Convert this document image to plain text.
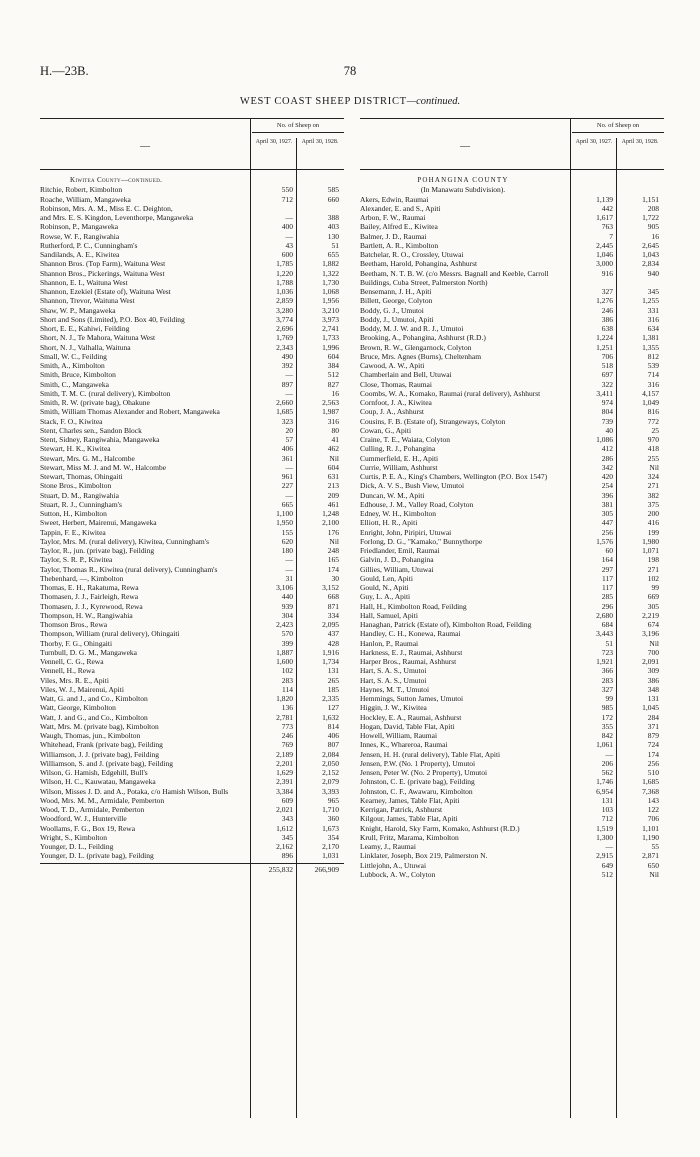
H.—23B.	78
WEST COAST SHEEP DISTRICT—continued.
—
No. of Sheep on
April 30, 1927.	April 30, 1928.
Kiwitea County—continued.
Ritchie, Robert, Kimbolton	550	585
Roache, William, Mangaweka	712	660
Robinson, Mrs. A. M., Miss E. C. Deighton,
and Mrs. E. S. Kingdon, Leventhorpe, Mangaweka	—	388
Robinson, P., Mangaweka	400	403
Rowse, W. F., Rangiwahia	—	130
Rutherford, P. C., Cunningham's	43	51
Sandilands, A. E., Kiwitea	600	655
Shannon Bros. (Top Farm), Waituna West	1,785	1,882
Shannon Bros., Pickerings, Waituna West	1,220	1,322
Shannon, E. I., Waituna West	1,788	1,730
Shannon, Ezekiel (Estate of), Waituna West	1,036	1,068
Shannon, Trevor, Waituna West	2,859	1,956
Shaw, W. P., Mangaweka	3,280	3,210
Short and Sons (Limited), P.O. Box 40, Feilding	3,774	3,973
Short, E. E., Kahiwi, Feilding	2,696	2,741
Short, N. J., Te Mahora, Waituna West	1,769	1,733
Short, N. J., Valhalla, Waituna	2,343	1,996
Small, W. C., Feilding	490	604
Smith, A., Kimbolton	392	384
Smith, Bruce, Kimbolton	—	512
Smith, C., Mangaweka	897	827
Smith, T. M. C. (rural delivery), Kimbolton	—	16
Smith, R. W. (private bag), Ohakune	2,660	2,563
Smith, William Thomas Alexander and Robert, Mangaweka	1,685	1,987
Stack, F. O., Kiwitea	323	316
Stent, Charles sen., Sandon Block	20	80
Stent, Sidney, Rangiwahia, Mangaweka	57	41
Stewart, H. K., Kiwitea	406	462
Stewart, Mrs. G. M., Halcombe	361	Nil
Stewart, Miss M. J. and M. W., Halcombe	—	604
Stewart, Thomas, Ohingaiti	961	631
Stone Bros., Kimbolton	227	213
Stuart, D. M., Rangiwahia	—	209
Stuart, R. J., Cunningham's	665	461
Sutton, H., Kimbolton	1,100	1,248
Sweet, Herbert, Mairenui, Mangaweka	1,950	2,100
Tappin, F. E., Kiwitea	155	176
Taylor, Mrs. M. (rural delivery), Kiwitea, Cunningham's	620	Nil
Taylor, R., jun. (private bag), Feilding	180	248
Taylor, S. R. P., Kiwitea	—	165
Taylor, Thomas R., Kiwitea (rural delivery), Cunningham's	—	174
Thebenhard, —, Kimbolton	31	30
Thomas, E. H., Rakatuma, Rewa	3,106	3,152
Thomasen, J. J., Fairleigh, Rewa	440	668
Thomasen, J. J., Kyrewood, Rewa	939	871
Thompson, H. W., Rangiwahia	304	334
Thomson Bros., Rewa	2,423	2,095
Thompson, William (rural delivery), Ohingaiti	570	437
Thorby, F. G., Ohingaiti	399	428
Turnbull, D. G. M., Mangaweka	1,887	1,916
Vennell, C. G., Rewa	1,600	1,734
Vennell, H., Rewa	102	131
Viles, Mrs. R. E., Apiti	283	265
Viles, W. J., Mairenui, Apiti	114	185
Watt, G. and J., and Co., Kimbolton	1,820	2,335
Watt, George, Kimbolton	136	127
Watt, J. and G., and Co., Kimbolton	2,781	1,632
Watt, Mrs. M. (private bag), Kimbolton	773	814
Waugh, Thomas, jun., Kimbolton	246	406
Whitehead, Frank (private bag), Feilding	769	807
Williamson, J. J. (private bag), Feilding	2,189	2,084
Williamson, S. and J. (private bag), Feilding	2,201	2,050
Wilson, G. Hamish, Edgehill, Bull's	1,629	2,152
Wilson, H. C., Kauwatau, Mangaweka	2,391	2,079
Wilson, Misses J. D. and A., Potaka, c/o Hamish Wilson, Bulls	3,384	3,393
Wood, Mrs. M. M., Armidale, Pemberton	609	965
Wood, T. D., Armidale, Pemberton	2,021	1,710
Woodford, W. J., Hunterville	343	360
Woollams, F. G., Box 19, Rewa	1,612	1,673
Wright, S., Kimbolton	345	354
Younger, D. L., Feilding	2,162	2,170
Younger, D. L. (private bag), Feilding	896	1,031
255,832	266,909
—
No. of Sheep on
April 30, 1927.	April 30, 1928.
POHANGINA COUNTY
(In Manawatu Subdivision).
Akers, Edwin, Raumai	1,139	1,151
Alexander, E. and S., Apiti	442	208
Arbon, F. W., Raumai	1,617	1,722
Bailey, Alfred E., Kiwitea	763	905
Balmer, J. D., Raumai	7	16
Bartlett, A. R., Kimbolton	2,445	2,645
Batchelar, R. O., Crossley, Utuwai	1,046	1,043
Beetham, Harold, Pohangina, Ashhurst	3,000	2,834
Beetham, N. T. B. W. (c/o Messrs. Bagnall and Keeble, Carroll Buildings, Cuba Street, Palmerston North)
916	940
Bensemann, J. H., Apiti	327	345
Billett, George, Colyton	1,276	1,255
Boddy, G. J., Umutoi	246	331
Boddy, J., Umutoi, Apiti	386	316
Boddy, M. J. W. and R. J., Umutoi	638	634
Brooking, A., Pohangina, Ashhurst (R.D.)	1,224	1,381
Brown, R. W., Glengarnock, Colyton	1,251	1,355
Bruce, Mrs. Agnes (Burns), Cheltenham	706	812
Cawood, A. W., Apiti	518	539
Chamberlain and Bell, Utuwai	697	714
Close, Thomas, Raumai	322	316
Coombs, W. A., Komako, Raumai (rural delivery), Ashhurst	3,411	4,157
Cornfoot, J. A., Kiwitea	974	1,049
Coup, J. A., Ashhurst	804	816
Cousins, F. B. (Estate of), Strangeways, Colyton	739	772
Cowan, G., Apiti	40	25
Craine, T. E., Waiata, Colyton	1,086	970
Culling, R. J., Pohangina	412	418
Cummerfield, E. H., Apiti	286	255
Currie, William, Ashhurst	342	Nil
Curtis, P. E. A., King's Chambers, Wellington (P.O. Box 1547)	420	324
Dick, A. V. S., Bush View, Umutoi	254	271
Duncan, W. M., Apiti	396	382
Edhouse, J. M., Valley Road, Colyton	381	375
Edney, W. H., Kimbolton	305	200
Elliott, H. R., Apiti	447	416
Enright, John, Piripiri, Utuwai	256	199
Forlong, D. G., "Kamako," Bunnythorpe	1,576	1,980
Friedlander, Emil, Raumai	60	1,071
Galvin, J. D., Pohangina	164	198
Gillies, William, Utuwai	297	271
Gould, Len, Apiti	117	102
Gould, N., Apiti	117	99
Guy, L. A., Apiti	285	669
Hall, H., Kimbolton Road, Feilding	296	305
Hall, Samuel, Apiti	2,680	2,219
Hanaghan, Patrick (Estate of), Kimbolton Road, Feilding	684	674
Handley, C. H., Konewa, Raumai	3,443	3,196
Hanlon, P., Raumai	51	Nil
Harkness, E. J., Raumai, Ashhurst	723	700
Harper Bros., Raumai, Ashhurst	1,921	2,091
Hart, S. A. S., Umutoi	366	309
Hart, S. A. S., Umutoi	283	386
Haynes, M. T., Umutoi	327	348
Hemmings, Sutton James, Umutoi	99	131
Higgin, J. W., Kiwitea	985	1,045
Hockley, E. A., Raumai, Ashhurst	172	284
Hogan, David, Table Flat, Apiti	355	371
Howell, William, Raumai	842	879
Innes, K., Whareroa, Raumai	1,061	724
Jensen, H. H. (rural delivery), Table Flat, Apiti	—	174
Jensen, P.W. (No. 1 Property), Umutoi	206	256
Jensen, Peter W. (No. 2 Property), Umutoi	562	510
Johnston, C. E. (private bag), Feilding	1,746	1,685
Johnston, C. F., Awawaru, Kimbolton	6,954	7,368
Kearney, James, Table Flat, Apiti	131	143
Kerrigan, Patrick, Ashhurst	103	122
Kilgour, James, Table Flat, Apiti	712	706
Knight, Harold, Sky Farm, Komako, Ashhurst (R.D.)	1,519	1,101
Krull, Fritz, Marama, Kimbolton	1,300	1,190
Leamy, J., Raumai	—	55
Linklater, Joseph, Box 219, Palmerston N.	2,915	2,871
Littlejohn, A., Utuwai	649	650
Lubbock, A. W., Colyton	512	Nil
